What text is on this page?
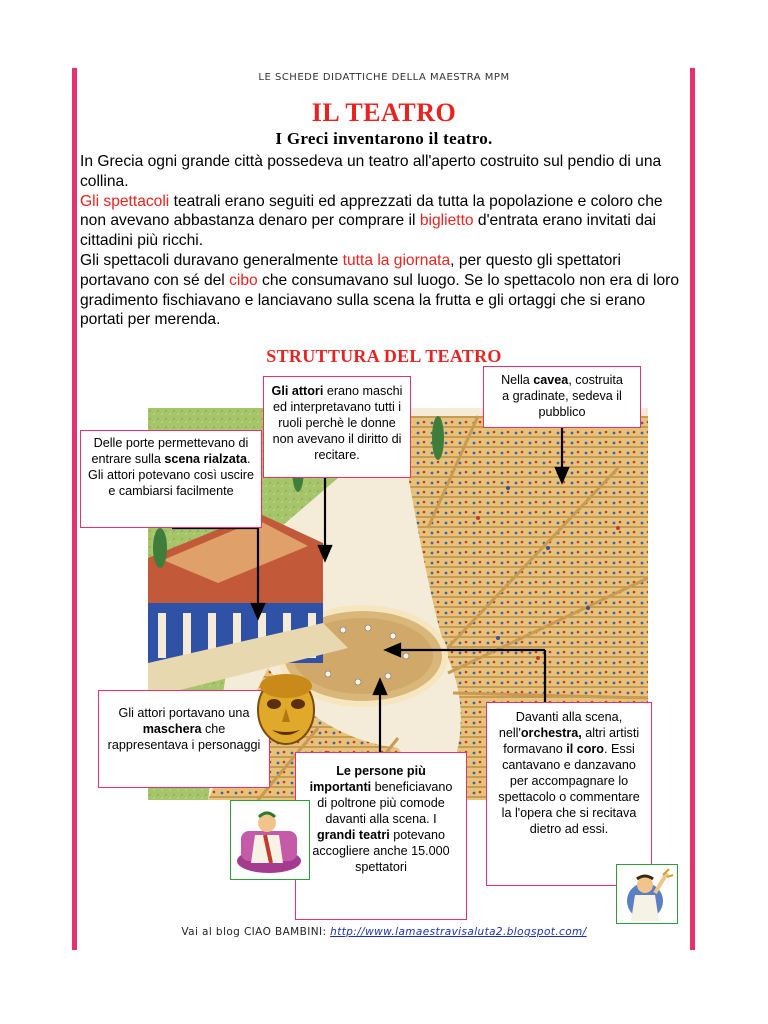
LE SCHEDE DIDATTICHE DELLA MAESTRA MPM
IL TEATRO
I Greci inventarono il teatro.
In Grecia ogni grande città possedeva un teatro all'aperto costruito sul pendio di una collina.
Gli spettacoli teatrali erano seguiti ed apprezzati da tutta la popolazione e coloro che non avevano abbastanza denaro per comprare il biglietto d'entrata erano invitati dai cittadini più ricchi.
Gli spettacoli duravano generalmente tutta la giornata, per questo gli spettatori portavano con sé del cibo che consumavano sul luogo. Se lo spettacolo non era di loro gradimento fischiavano e lanciavano sulla scena la frutta e gli ortaggi che si erano portati per merenda.
STRUTTURA DEL TEATRO
Gli attori erano maschi ed interpretavano tutti i ruoli perchè le donne non avevano il diritto di recitare.
Nella cavea, costruita a gradinate, sedeva il pubblico
Delle porte permettevano di entrare sulla scena rialzata. Gli attori potevano così uscire e cambiarsi facilmente
Gli attori portavano una maschera che rappresentava i personaggi
Le persone più importanti beneficiavano di poltrone più comode davanti alla scena. I grandi teatri potevano accogliere anche 15.000 spettatori
Davanti alla scena, nell'orchestra, altri artisti formavano il coro. Essi cantavano e danzavano per accompagnare lo spettacolo o commentare la l'opera che si recitava dietro ad essi.
Vai al blog CIAO BAMBINI: http://www.lamaestravisaluta2.blogspot.com/
